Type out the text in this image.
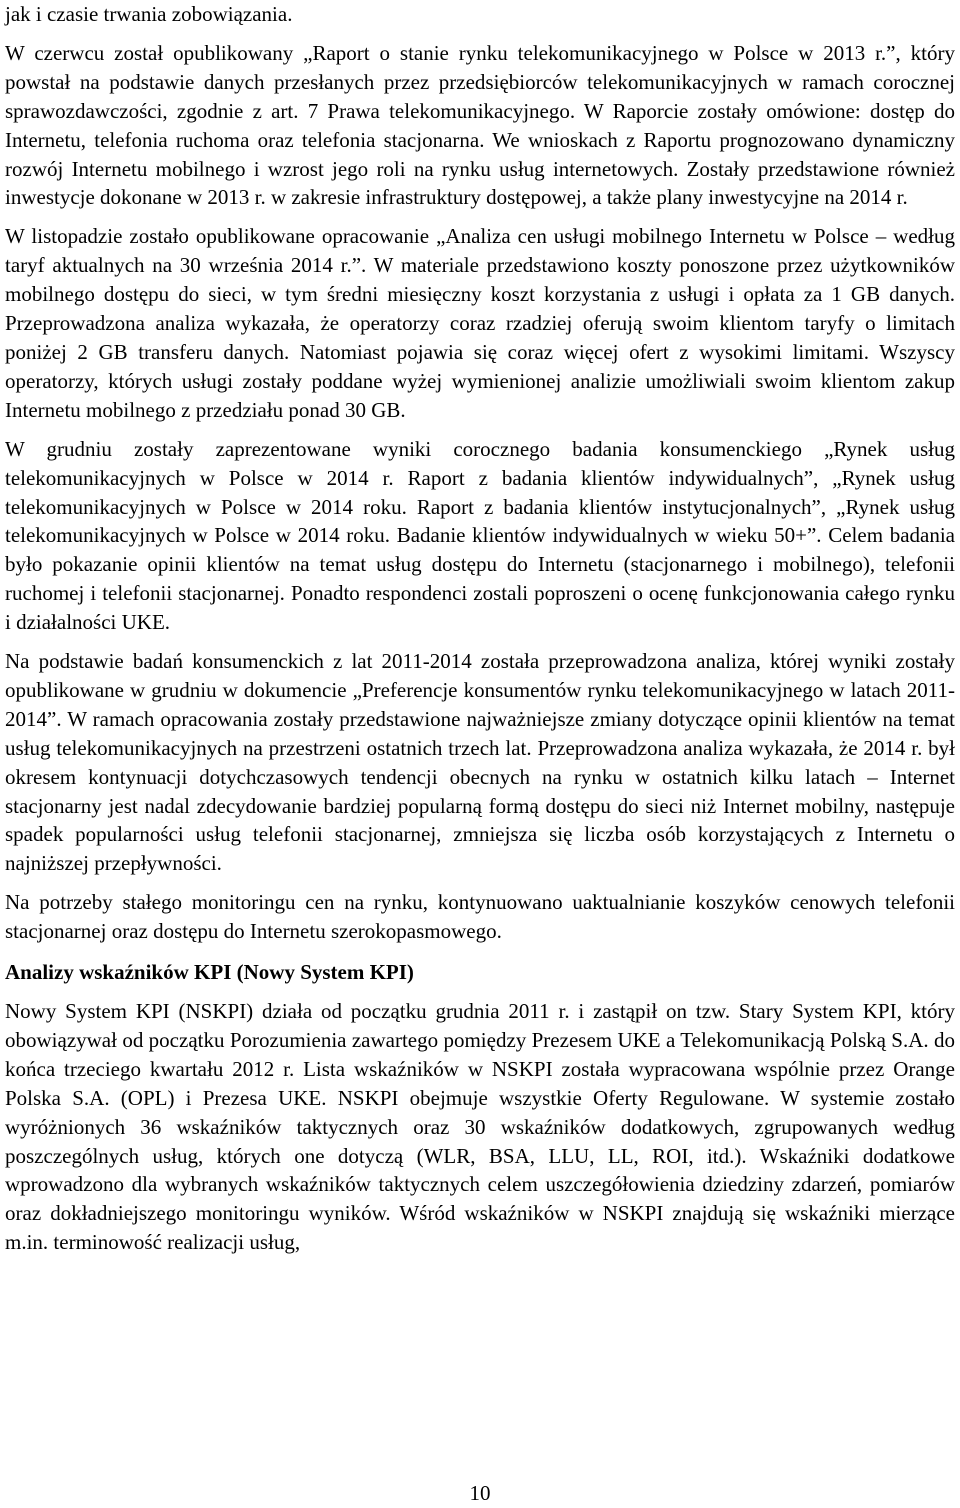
jak i czasie trwania zobowiązania.

W czerwcu został opublikowany „Raport o stanie rynku telekomunikacyjnego w Polsce w 2013 r.”, który powstał na podstawie danych przesłanych przez przedsiębiorców telekomunikacyjnych w ramach corocznej sprawozdawczości, zgodnie z art. 7 Prawa telekomunikacyjnego. W Raporcie zostały omówione: dostęp do Internetu, telefonia ruchoma oraz telefonia stacjonarna. We wnioskach z Raportu prognozowano dynamiczny rozwój Internetu mobilnego i wzrost jego roli na rynku usług internetowych. Zostały przedstawione również inwestycje dokonane w 2013 r. w zakresie infrastruktury dostępowej, a także plany inwestycyjne na 2014 r.

W listopadzie zostało opublikowane opracowanie „Analiza cen usługi mobilnego Internetu w Polsce – według taryf aktualnych na 30 września 2014 r.”. W materiale przedstawiono koszty ponoszone przez użytkowników mobilnego dostępu do sieci, w tym średni miesięczny koszt korzystania z usługi i opłata za 1 GB danych. Przeprowadzona analiza wykazała, że operatorzy coraz rzadziej oferują swoim klientom taryfy o limitach poniżej 2 GB transferu danych. Natomiast pojawia się coraz więcej ofert z wysokimi limitami. Wszyscy operatorzy, których usługi zostały poddane wyżej wymienionej analizie umożliwiali swoim klientom zakup Internetu mobilnego z przedziału ponad 30 GB.

W grudniu zostały zaprezentowane wyniki corocznego badania konsumenckiego „Rynek usług telekomunikacyjnych w Polsce w 2014 r. Raport z badania klientów indywidualnych”, „Rynek usług telekomunikacyjnych w Polsce w 2014 roku. Raport z badania klientów instytucjonalnych”, „Rynek usług telekomunikacyjnych w Polsce w 2014 roku. Badanie klientów indywidualnych w wieku 50+”. Celem badania było pokazanie opinii klientów na temat usług dostępu do Internetu (stacjonarnego i mobilnego), telefonii ruchomej i telefonii stacjonarnej. Ponadto respondenci zostali poproszeni o ocenę funkcjonowania całego rynku i działalności UKE.

Na podstawie badań konsumenckich z lat 2011-2014 została przeprowadzona analiza, której wyniki zostały opublikowane w grudniu w dokumencie „Preferencje konsumentów rynku telekomunikacyjnego w latach 2011-2014”. W ramach opracowania zostały przedstawione najważniejsze zmiany dotyczące opinii klientów na temat usług telekomunikacyjnych na przestrzeni ostatnich trzech lat. Przeprowadzona analiza wykazała, że 2014 r. był okresem kontynuacji dotychczasowych tendencji obecnych na rynku w ostatnich kilku latach – Internet stacjonarny jest nadal zdecydowanie bardziej popularną formą dostępu do sieci niż Internet mobilny, następuje spadek popularności usług telefonii stacjonarnej, zmniejsza się liczba osób korzystających z Internetu o najniższej przepływności.

Na potrzeby stałego monitoringu cen na rynku, kontynuowano uaktualnianie koszyków cenowych telefonii stacjonarnej oraz dostępu do Internetu szerokopasmowego.

Analizy wskaźników KPI (Nowy System KPI)

Nowy System KPI (NSKPI) działa od początku grudnia 2011 r. i zastąpił on tzw. Stary System KPI, który obowiązywał od początku Porozumienia zawartego pomiędzy Prezesem UKE a Telekomunikacją Polską S.A. do końca trzeciego kwartału 2012 r. Lista wskaźników w NSKPI została wypracowana wspólnie przez Orange Polska S.A. (OPL) i Prezesa UKE. NSKPI obejmuje wszystkie Oferty Regulowane. W systemie zostało wyróżnionych 36 wskaźników taktycznych oraz 30 wskaźników dodatkowych, zgrupowanych według poszczególnych usług, których one dotyczą (WLR, BSA, LLU, LL, ROI, itd.). Wskaźniki dodatkowe wprowadzono dla wybranych wskaźników taktycznych celem uszczegółowienia dziedziny zdarzeń, pomiarów oraz dokładniejszego monitoringu wyników. Wśród wskaźników w NSKPI znajdują się wskaźniki mierzące m.in. terminowość realizacji usług,

10
